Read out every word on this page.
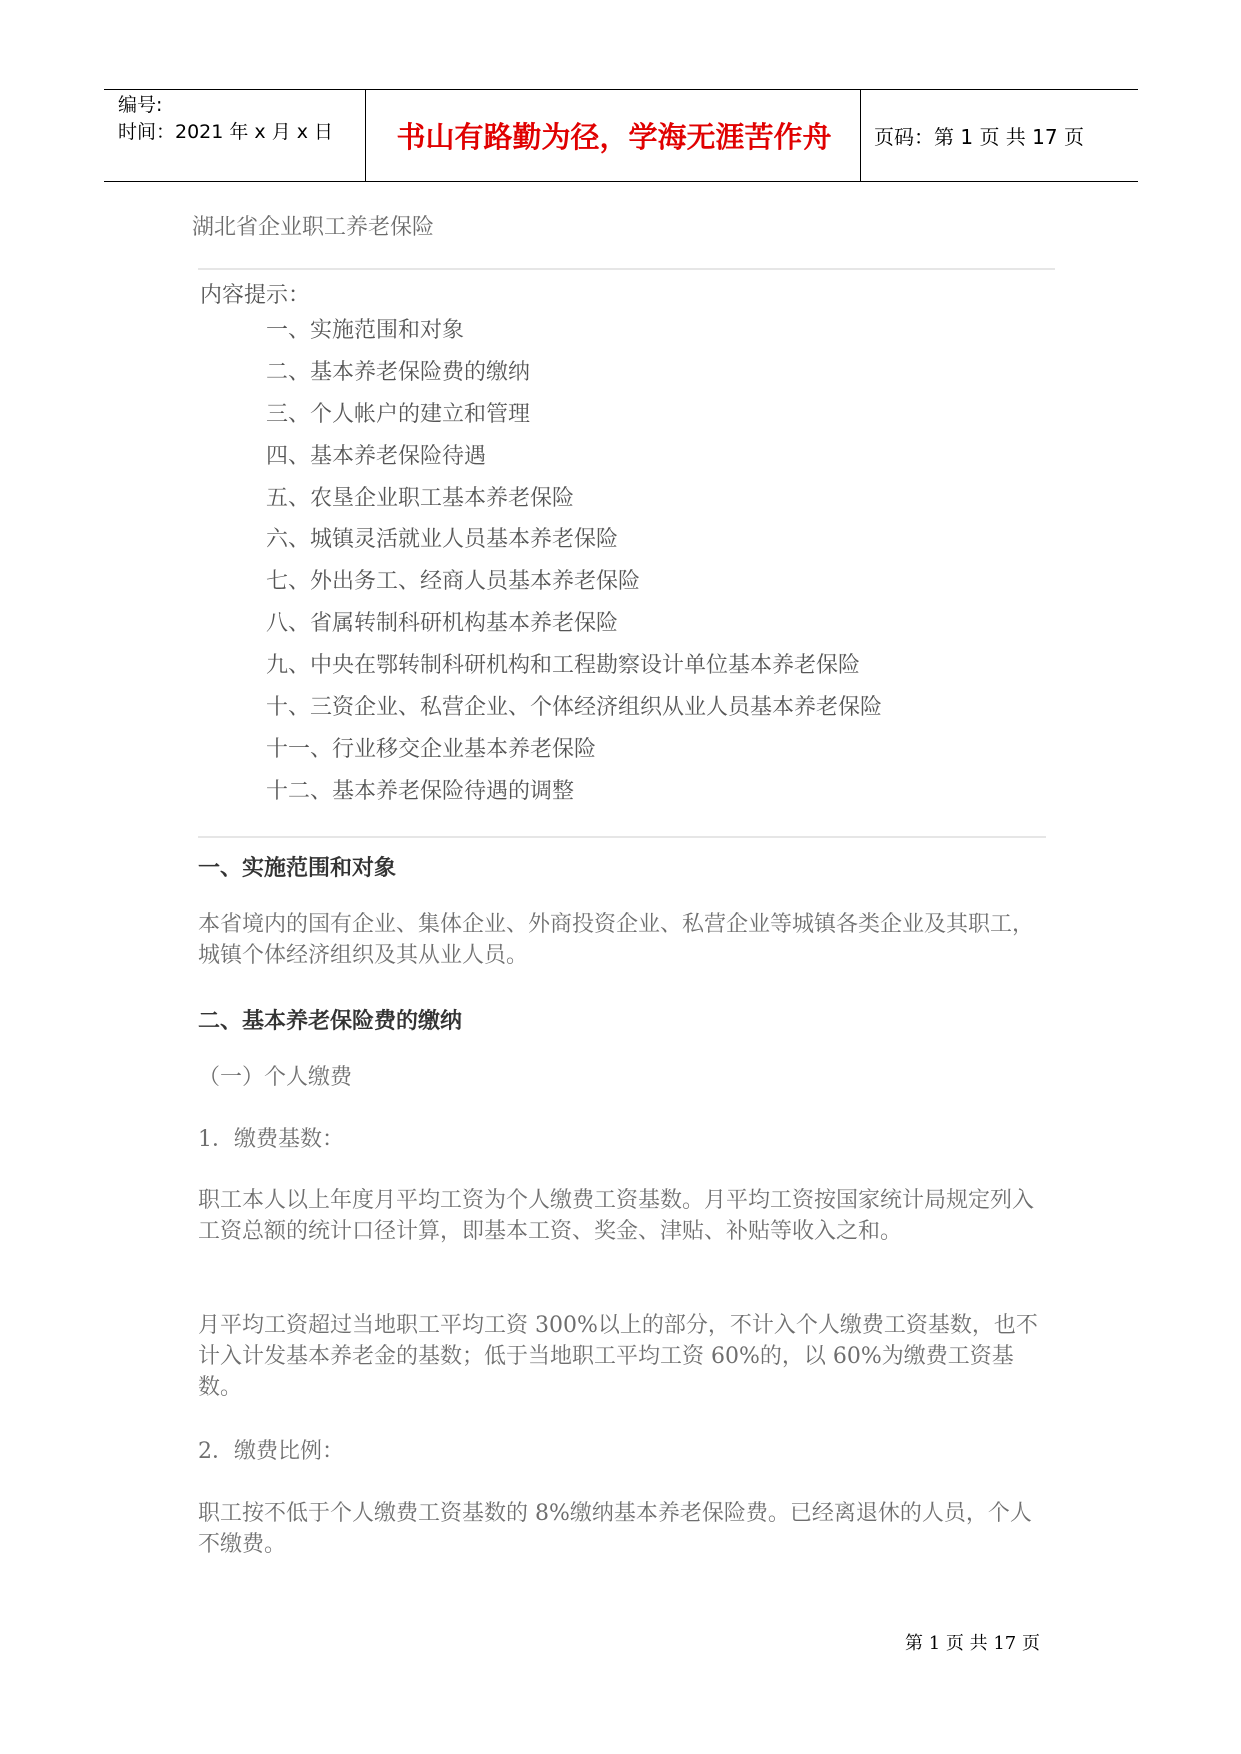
编号:
时间：2021 年 x 月 x 日	书山有路勤为径，学海无涯苦作舟	页码：第 1 页 共 17 页
湖北省企业职工养老保险
内容提示：
一、实施范围和对象
二、基本养老保险费的缴纳
三、个人帐户的建立和管理
四、基本养老保险待遇
五、农垦企业职工基本养老保险
六、城镇灵活就业人员基本养老保险
七、外出务工、经商人员基本养老保险
八、省属转制科研机构基本养老保险
九、中央在鄂转制科研机构和工程勘察设计单位基本养老保险
十、三资企业、私营企业、个体经济组织从业人员基本养老保险
十一、行业移交企业基本养老保险
十二、基本养老保险待遇的调整
一、实施范围和对象
本省境内的国有企业、集体企业、外商投资企业、私营企业等城镇各类企业及其职工，城镇个体经济组织及其从业人员。
二、基本养老保险费的缴纳
（一）个人缴费
1．缴费基数：
职工本人以上年度月平均工资为个人缴费工资基数。月平均工资按国家统计局规定列入工资总额的统计口径计算，即基本工资、奖金、津贴、补贴等收入之和。
月平均工资超过当地职工平均工资 300%以上的部分，不计入个人缴费工资基数，也不计入计发基本养老金的基数；低于当地职工平均工资 60%的，以 60%为缴费工资基数。
2．缴费比例：
职工按不低于个人缴费工资基数的 8%缴纳基本养老保险费。已经离退休的人员，个人不缴费。
第 1 页 共 17 页
